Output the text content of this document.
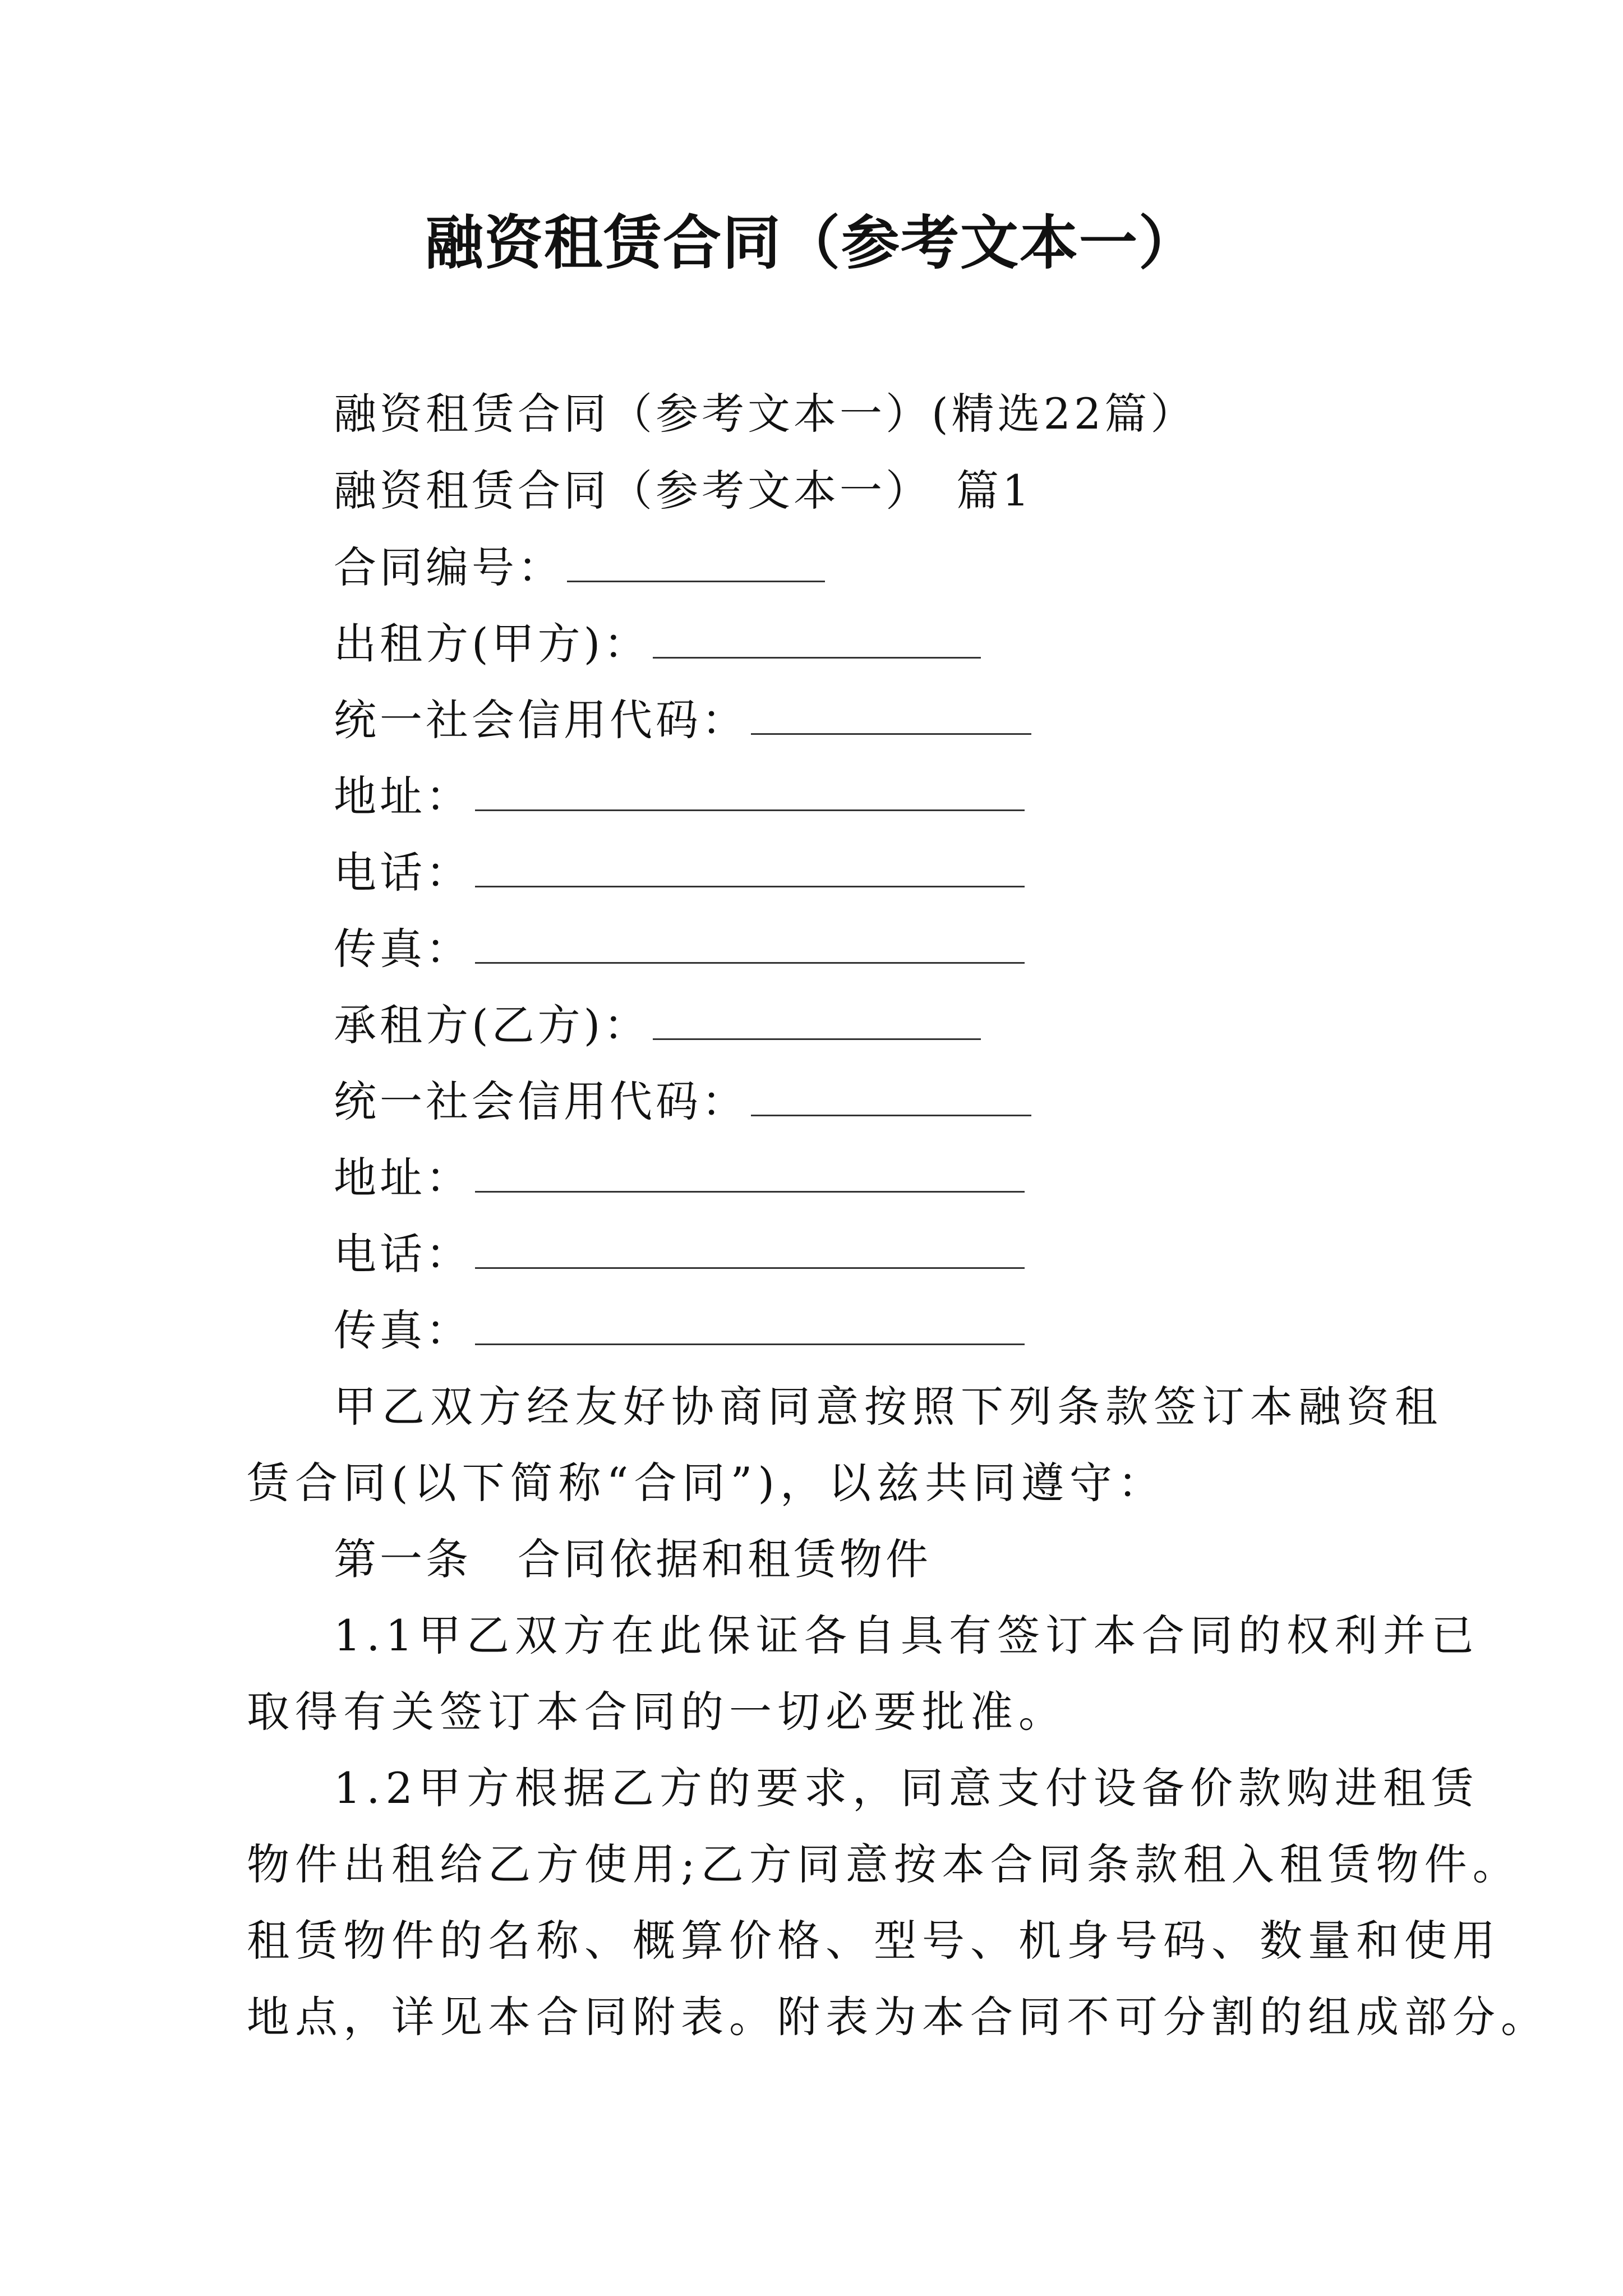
融资租赁合同（参考文本一）
融资租赁合同（参考文本一）(精选22篇）
融资租赁合同（参考文本一）　篇1
合同编号：
出租方(甲方)：
统一社会信用代码：
地址：
电话：
传真：
承租方(乙方)：
统一社会信用代码：
地址：
电话：
传真：
甲乙双方经友好协商同意按照下列条款签订本融资租
赁合同(以下简称“合同”)，以兹共同遵守：
第一条　合同依据和租赁物件
1.1甲乙双方在此保证各自具有签订本合同的权利并已
取得有关签订本合同的一切必要批准。
1.2甲方根据乙方的要求，同意支付设备价款购进租赁
物件出租给乙方使用;乙方同意按本合同条款租入租赁物件。
租赁物件的名称、概算价格、型号、机身号码、数量和使用
地点，详见本合同附表。附表为本合同不可分割的组成部分。
